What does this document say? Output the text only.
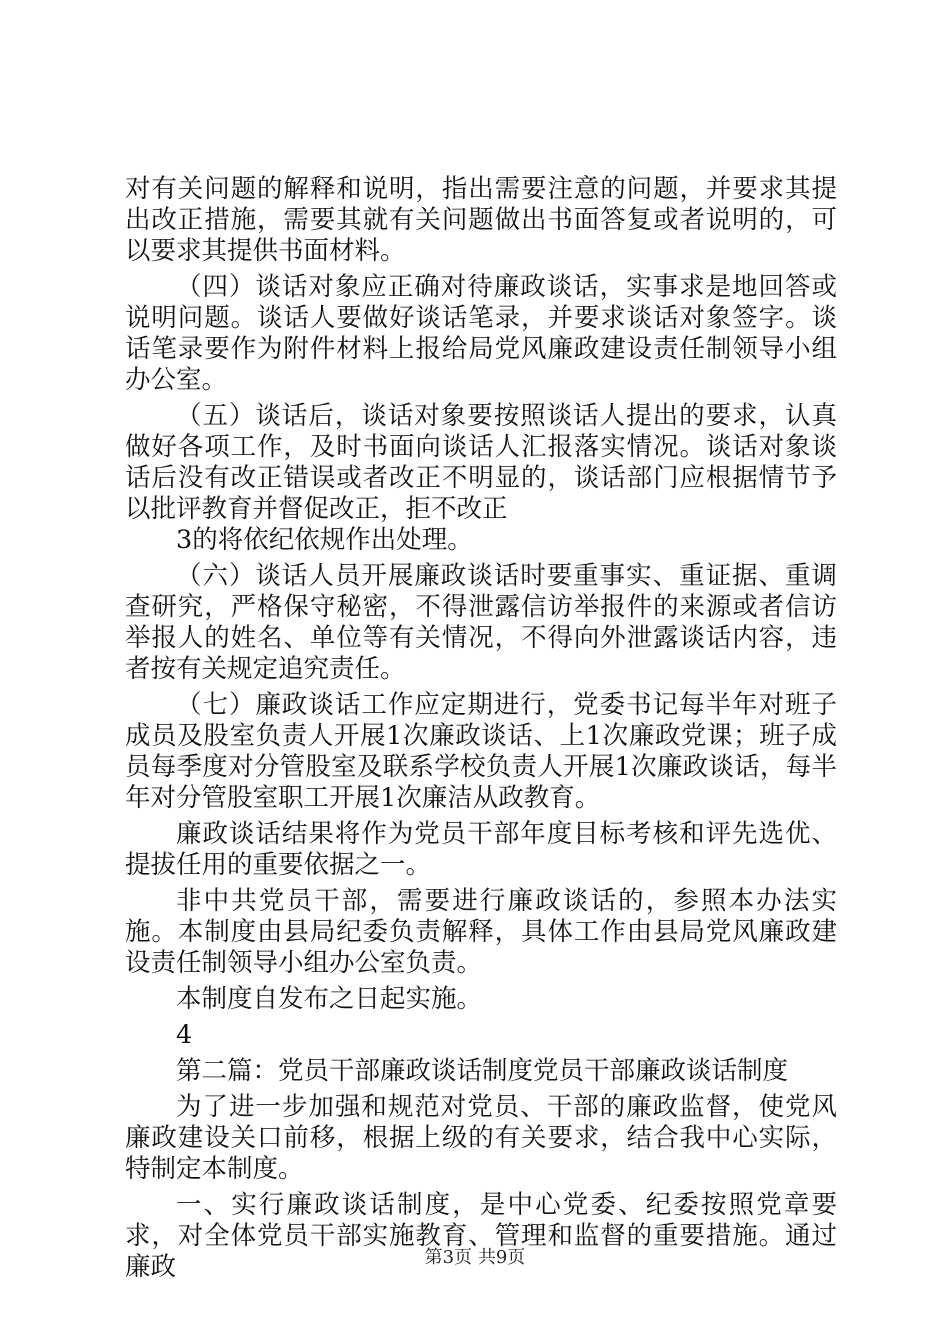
对有关问题的解释和说明，指出需要注意的问题，并要求其提出改正措施，需要其就有关问题做出书面答复或者说明的，可以要求其提供书面材料。

（四）谈话对象应正确对待廉政谈话，实事求是地回答或说明问题。谈话人要做好谈话笔录，并要求谈话对象签字。谈话笔录要作为附件材料上报给局党风廉政建设责任制领导小组办公室。

（五）谈话后，谈话对象要按照谈话人提出的要求，认真做好各项工作，及时书面向谈话人汇报落实情况。谈话对象谈话后没有改正错误或者改正不明显的，谈话部门应根据情节予以批评教育并督促改正，拒不改正

3的将依纪依规作出处理。

（六）谈话人员开展廉政谈话时要重事实、重证据、重调查研究，严格保守秘密，不得泄露信访举报件的来源或者信访举报人的姓名、单位等有关情况，不得向外泄露谈话内容，违者按有关规定追究责任。

（七）廉政谈话工作应定期进行，党委书记每半年对班子成员及股室负责人开展1次廉政谈话、上1次廉政党课；班子成员每季度对分管股室及联系学校负责人开展1次廉政谈话，每半年对分管股室职工开展1次廉洁从政教育。

廉政谈话结果将作为党员干部年度目标考核和评先选优、提拔任用的重要依据之一。

非中共党员干部，需要进行廉政谈话的，参照本办法实施。本制度由县局纪委负责解释，具体工作由县局党风廉政建设责任制领导小组办公室负责。

本制度自发布之日起实施。

4

第二篇：党员干部廉政谈话制度党员干部廉政谈话制度

为了进一步加强和规范对党员、干部的廉政监督，使党风廉政建设关口前移，根据上级的有关要求，结合我中心实际，特制定本制度。

一、实行廉政谈话制度，是中心党委、纪委按照党章要求，对全体党员干部实施教育、管理和监督的重要措施。通过廉政	第3页 共9页
